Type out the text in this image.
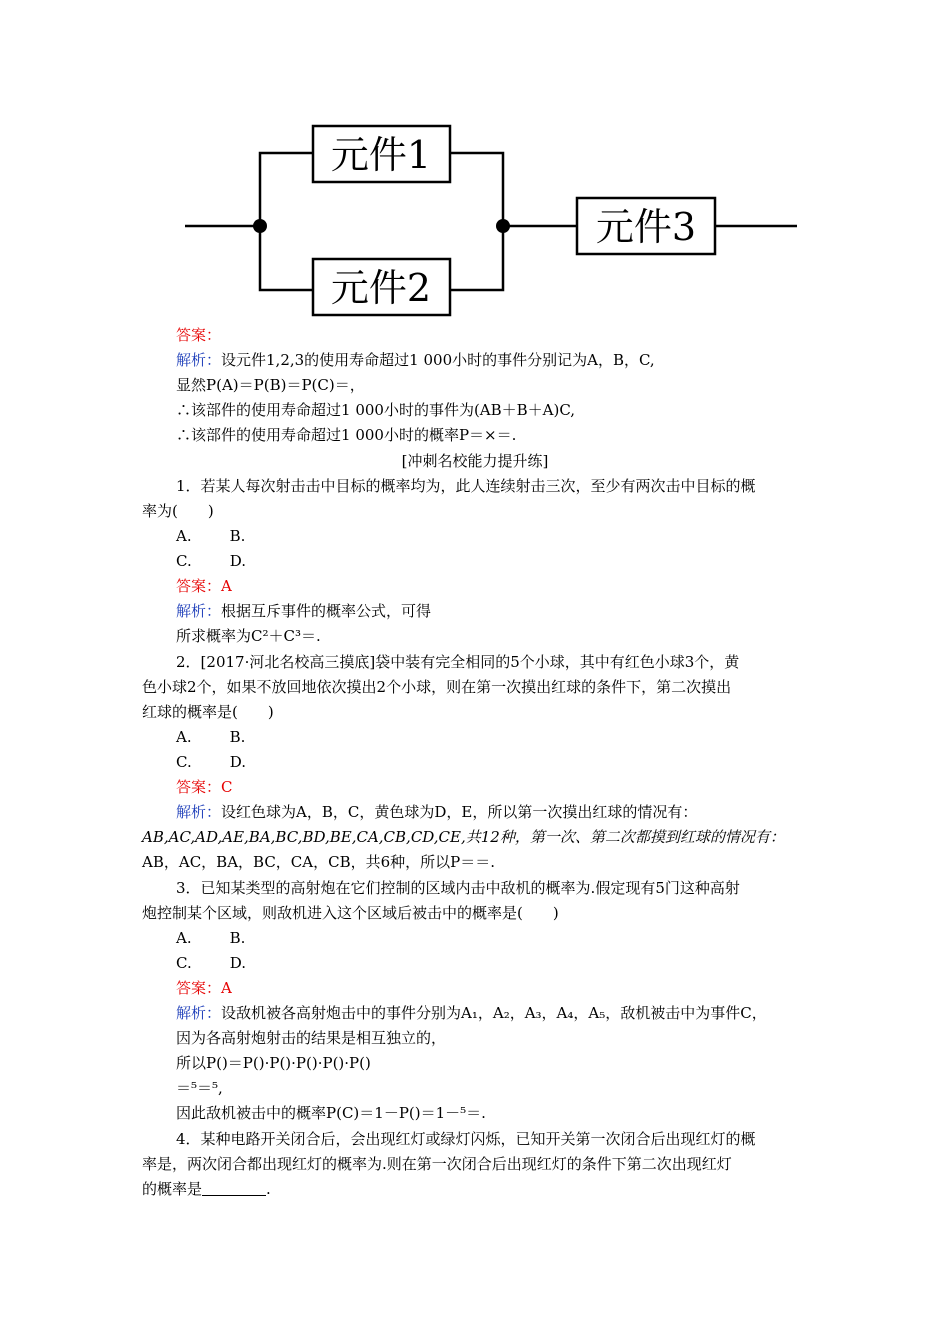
元件1
元件2
元件3
答案：
解析：设元件1,2,3的使用寿命超过1 000小时的事件分别记为A，B，C,
显然P(A)＝P(B)＝P(C)＝，
∴该部件的使用寿命超过1 000小时的事件为(AB＋B＋A)C,
∴该部件的使用寿命超过1 000小时的概率P＝×＝.
[冲刺名校能力提升练]
1．若某人每次射击击中目标的概率均为，此人连续射击三次，至少有两次击中目标的概
率为(　　)
A.	B.
C.	D.
答案：A
解析：根据互斥事件的概率公式，可得
所求概率为C²＋C³＝.
2．[2017·河北名校高三摸底]袋中装有完全相同的5个小球，其中有红色小球3个，黄
色小球2个，如果不放回地依次摸出2个小球，则在第一次摸出红球的条件下，第二次摸出
红球的概率是(　　)
A.	B.
C.	D.
答案：C
解析：设红色球为A，B，C，黄色球为D，E，所以第一次摸出红球的情况有：
AB,AC,AD,AE,BA,BC,BD,BE,CA,CB,CD,CE,共12种，第一次、第二次都摸到红球的情况有：
AB，AC，BA，BC，CA，CB，共6种，所以P＝＝.
3．已知某类型的高射炮在它们控制的区域内击中敌机的概率为.假定现有5门这种高射
炮控制某个区域，则敌机进入这个区域后被击中的概率是(　　)
A.	B.
C.	D.
答案：A
解析：设敌机被各高射炮击中的事件分别为A₁，A₂，A₃，A₄，A₅，敌机被击中为事件C，
因为各高射炮射击的结果是相互独立的，
所以P()＝P()·P()·P()·P()·P()
＝⁵＝⁵,
因此敌机被击中的概率P(C)＝1－P()＝1－⁵＝.
4．某种电路开关闭合后，会出现红灯或绿灯闪烁，已知开关第一次闭合后出现红灯的概
率是，两次闭合都出现红灯的概率为.则在第一次闭合后出现红灯的条件下第二次出现红灯
的概率是	.
